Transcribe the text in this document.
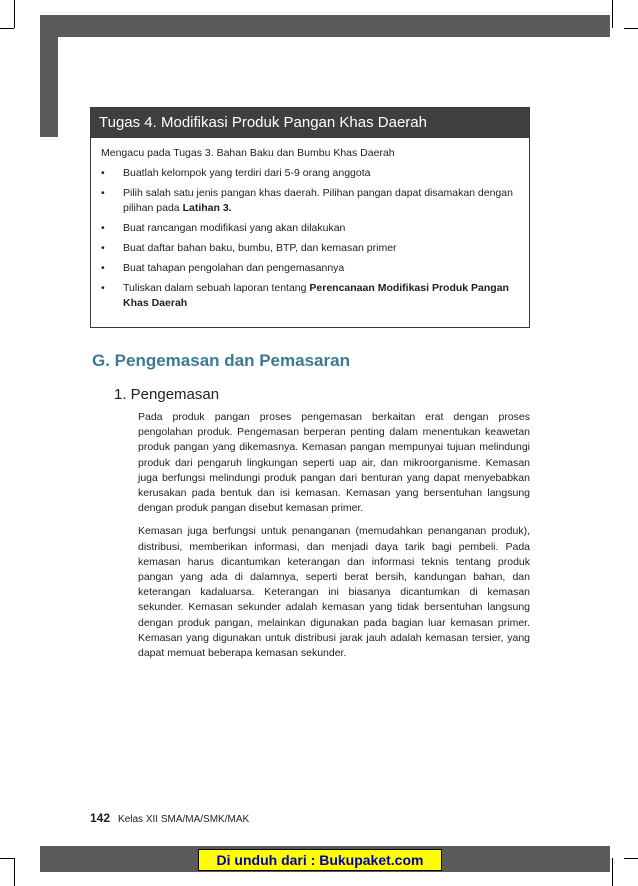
Tugas 4. Modifikasi Produk Pangan Khas Daerah
Mengacu pada Tugas 3. Bahan Baku dan Bumbu Khas Daerah
• Buatlah kelompok yang terdiri dari 5-9 orang anggota
• Pilih salah satu jenis pangan khas daerah. Pilihan pangan dapat disamakan dengan pilihan pada Latihan 3.
• Buat rancangan modifikasi yang akan dilakukan
• Buat daftar bahan baku, bumbu, BTP, dan kemasan primer
• Buat tahapan pengolahan dan pengemasannya
• Tuliskan dalam sebuah laporan tentang Perencanaan Modifikasi Produk Pangan Khas Daerah
G. Pengemasan dan Pemasaran
1. Pengemasan

Pada produk pangan proses pengemasan berkaitan erat dengan proses pengolahan produk. Pengemasan berperan penting dalam menentukan keawetan produk pangan yang dikemasnya. Kemasan pangan mempunyai tujuan melindungi produk dari pengaruh lingkungan seperti uap air, dan mikroorganisme. Kemasan juga berfungsi melindungi produk pangan dari benturan yang dapat menyebabkan kerusakan pada bentuk dan isi kemasan. Kemasan yang bersentuhan langsung dengan produk pangan disebut kemasan primer.

Kemasan juga berfungsi untuk penanganan (memudahkan penanganan produk), distribusi, memberikan informasi, dan menjadi daya tarik bagi pembeli. Pada kemasan harus dicantumkan keterangan dan informasi teknis tentang produk pangan yang ada di dalamnya, seperti berat bersih, kandungan bahan, dan keterangan kadaluarsa. Keterangan ini biasanya dicantumkan di kemasan sekunder. Kemasan sekunder adalah kemasan yang tidak bersentuhan langsung dengan produk pangan, melainkan digunakan pada bagian luar kemasan primer. Kemasan yang digunakan untuk distribusi jarak jauh adalah kemasan tersier, yang dapat memuat beberapa kemasan sekunder.

142 Kelas XII SMA/MA/SMK/MAK
Di unduh dari : Bukupaket.com
